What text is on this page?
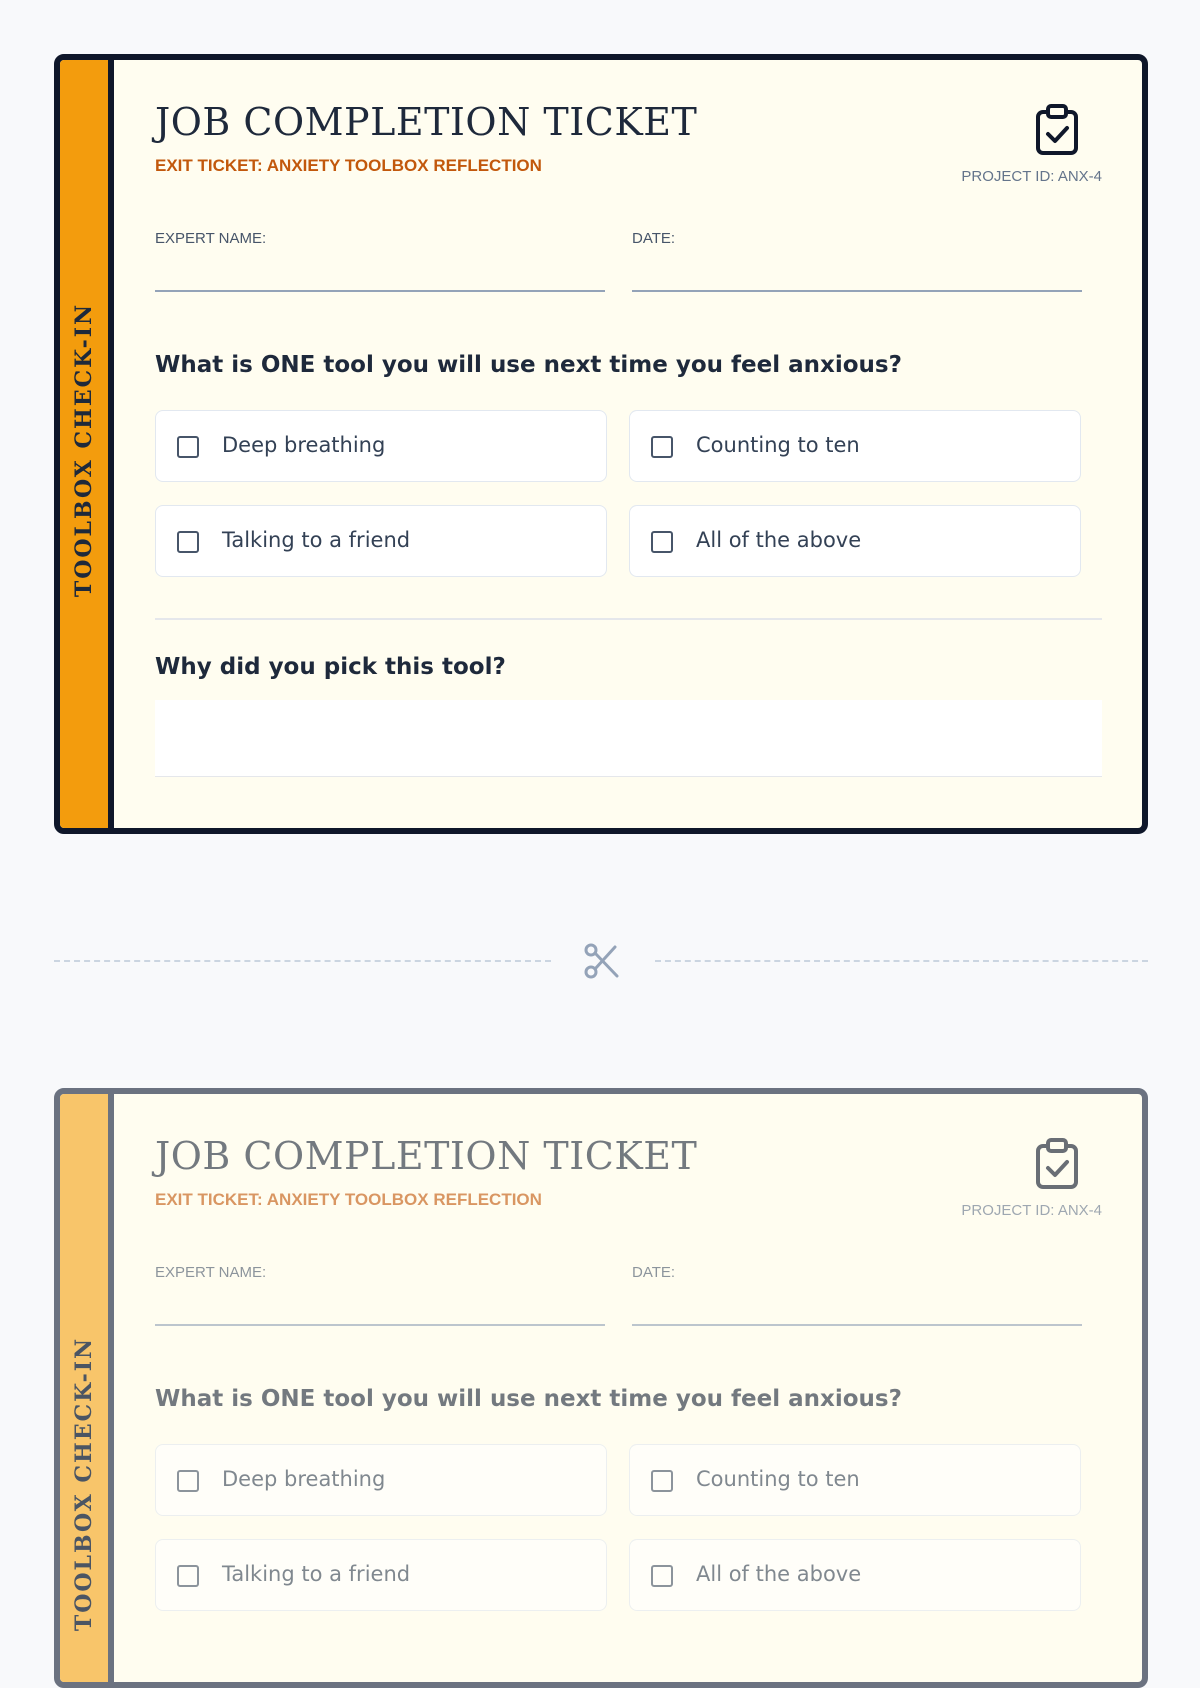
TOOLBOX CHECK-IN
JOB COMPLETION TICKET
EXIT TICKET: ANXIETY TOOLBOX REFLECTION
PROJECT ID: ANX-4
EXPERT NAME:	DATE:
What is ONE tool you will use next time you feel anxious?
Deep breathing	Counting to ten
Talking to a friend	All of the above
Why did you pick this tool?
TOOLBOX CHECK-IN
JOB COMPLETION TICKET
EXIT TICKET: ANXIETY TOOLBOX REFLECTION
PROJECT ID: ANX-4
EXPERT NAME:	DATE:
What is ONE tool you will use next time you feel anxious?
Deep breathing	Counting to ten
Talking to a friend	All of the above
